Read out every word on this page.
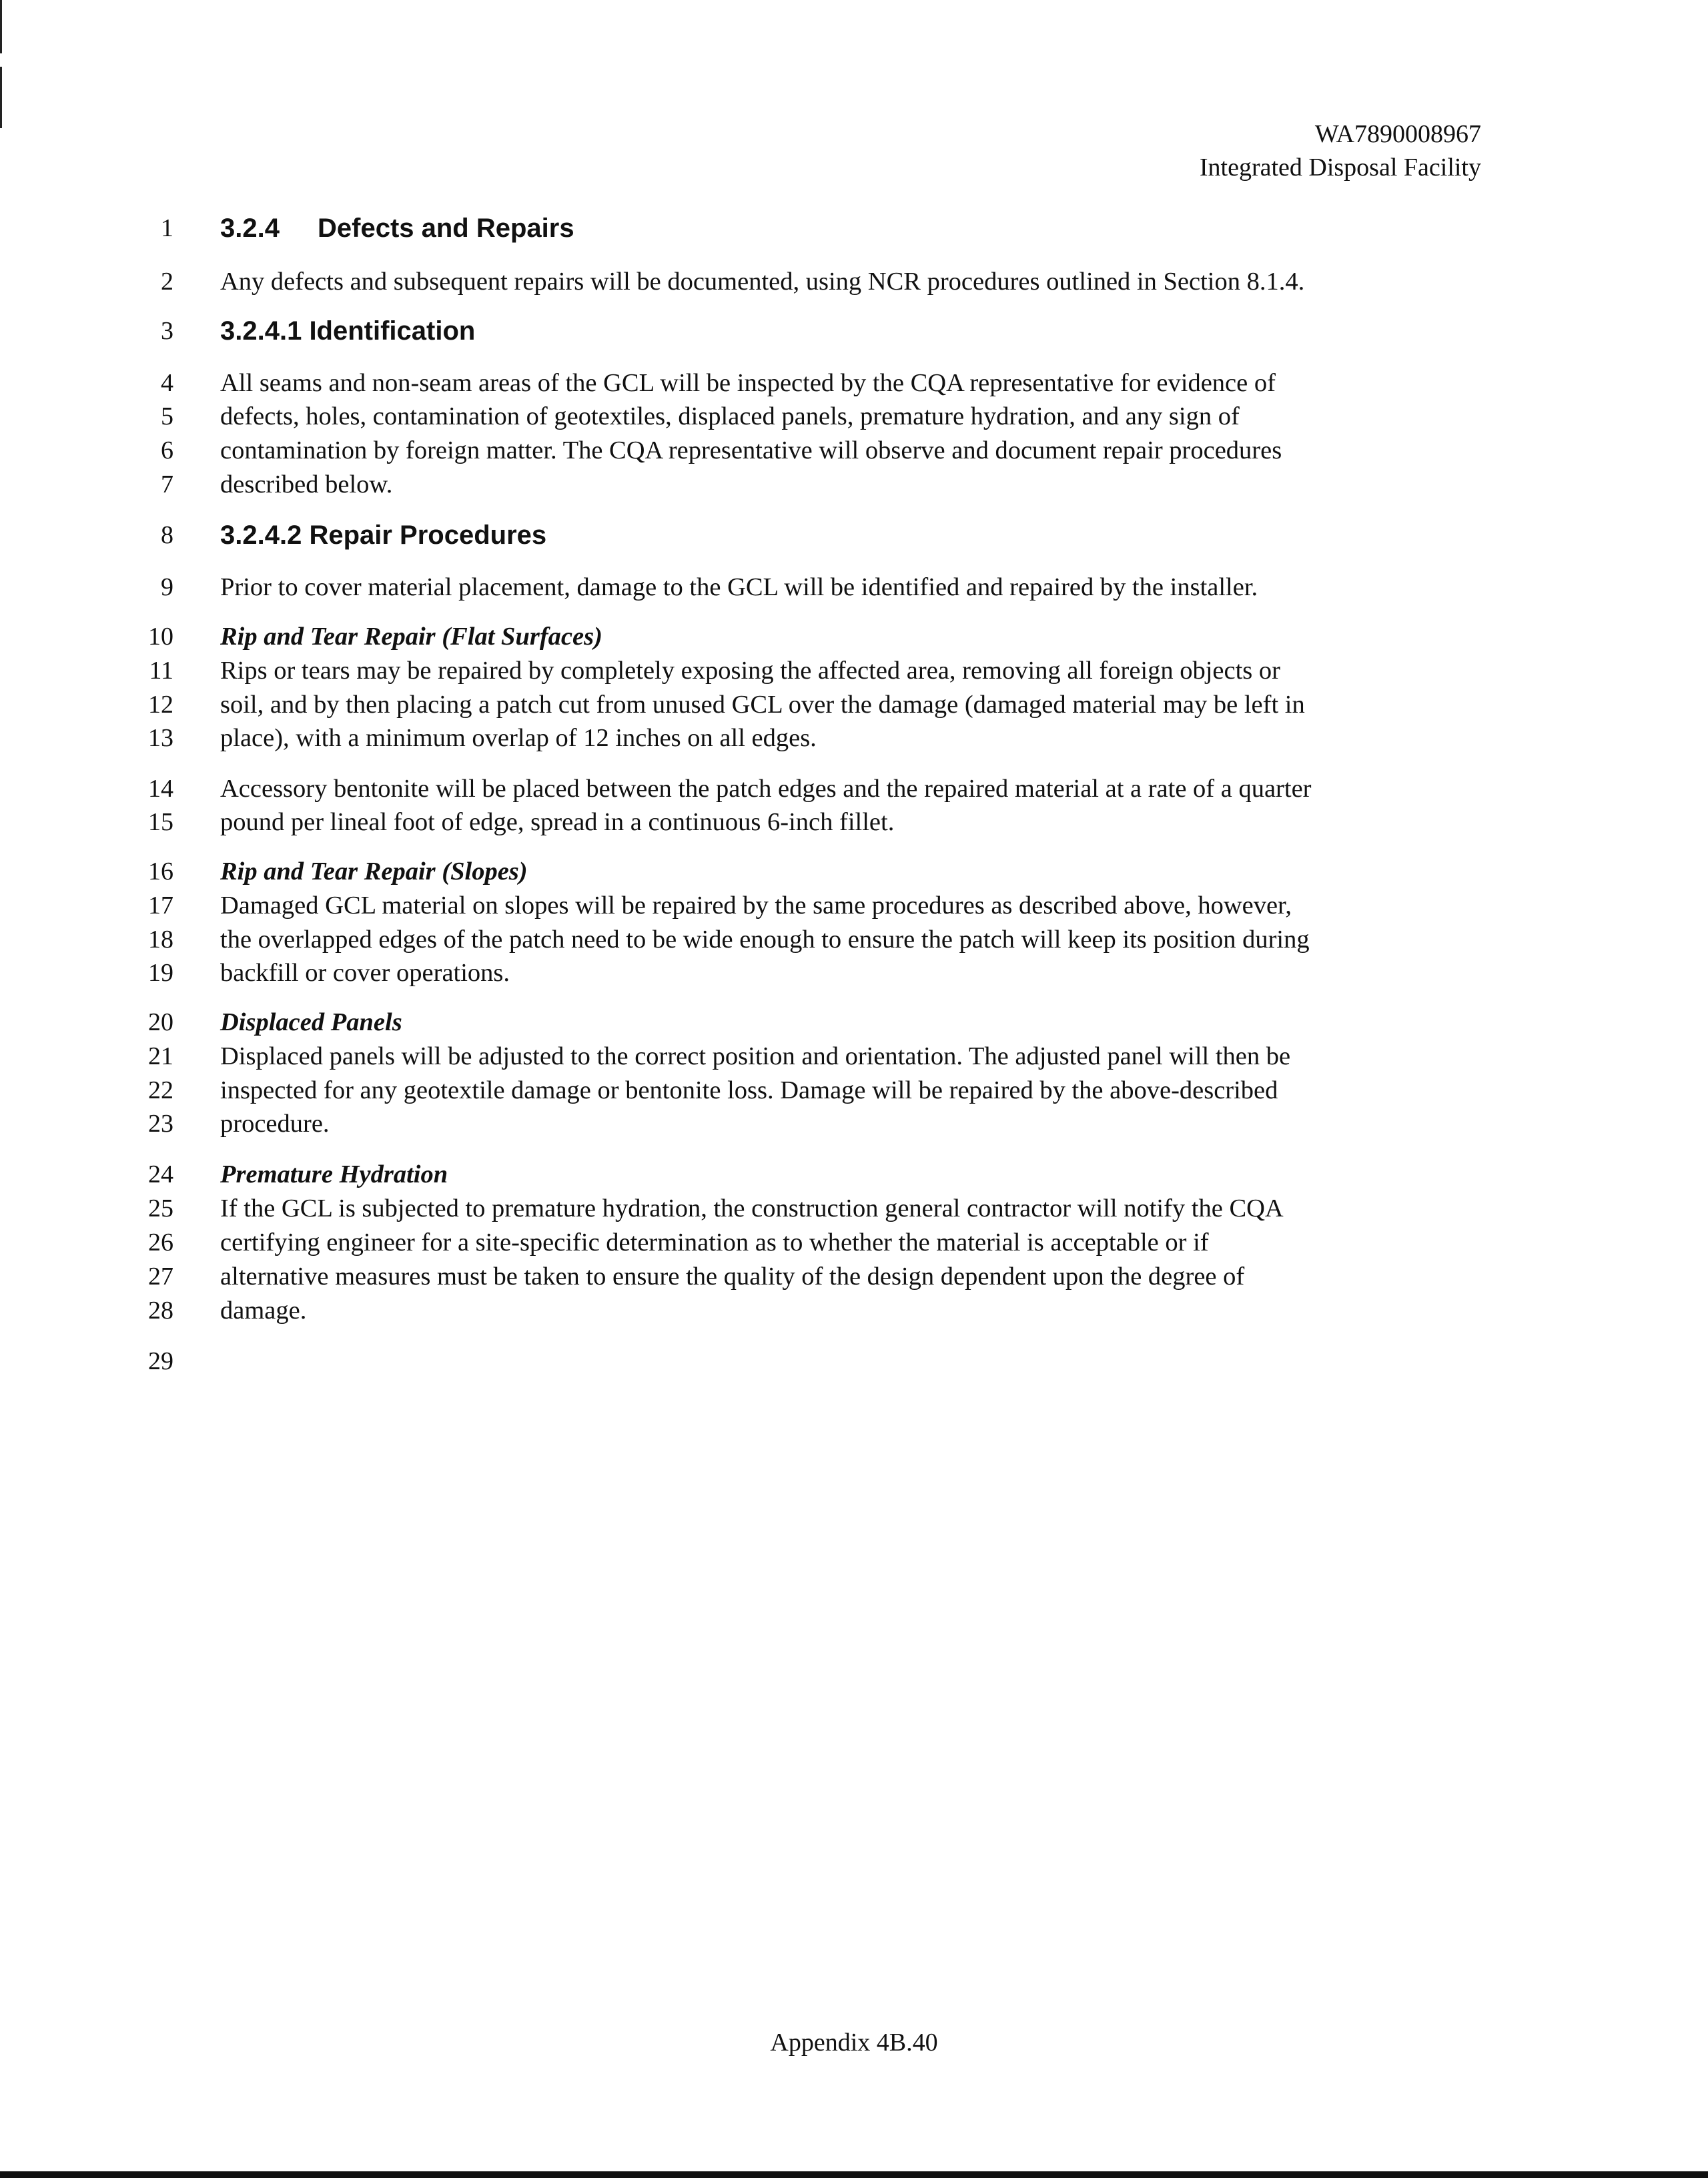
WA7890008967
Integrated Disposal Facility
1 3.2.4 Defects and Repairs
2 Any defects and subsequent repairs will be documented, using NCR procedures outlined in Section 8.1.4.
3 3.2.4.1 Identification
4 All seams and non-seam areas of the GCL will be inspected by the CQA representative for evidence of
5 defects, holes, contamination of geotextiles, displaced panels, premature hydration, and any sign of
6 contamination by foreign matter. The CQA representative will observe and document repair procedures
7 described below.
8 3.2.4.2 Repair Procedures
9 Prior to cover material placement, damage to the GCL will be identified and repaired by the installer.
10 Rip and Tear Repair (Flat Surfaces)
11 Rips or tears may be repaired by completely exposing the affected area, removing all foreign objects or
12 soil, and by then placing a patch cut from unused GCL over the damage (damaged material may be left in
13 place), with a minimum overlap of 12 inches on all edges.
14 Accessory bentonite will be placed between the patch edges and the repaired material at a rate of a quarter
15 pound per lineal foot of edge, spread in a continuous 6-inch fillet.
16 Rip and Tear Repair (Slopes)
17 Damaged GCL material on slopes will be repaired by the same procedures as described above, however,
18 the overlapped edges of the patch need to be wide enough to ensure the patch will keep its position during
19 backfill or cover operations.
20 Displaced Panels
21 Displaced panels will be adjusted to the correct position and orientation. The adjusted panel will then be
22 inspected for any geotextile damage or bentonite loss. Damage will be repaired by the above-described
23 procedure.
24 Premature Hydration
25 If the GCL is subjected to premature hydration, the construction general contractor will notify the CQA
26 certifying engineer for a site-specific determination as to whether the material is acceptable or if
27 alternative measures must be taken to ensure the quality of the design dependent upon the degree of
28 damage.
29
Appendix 4B.40
